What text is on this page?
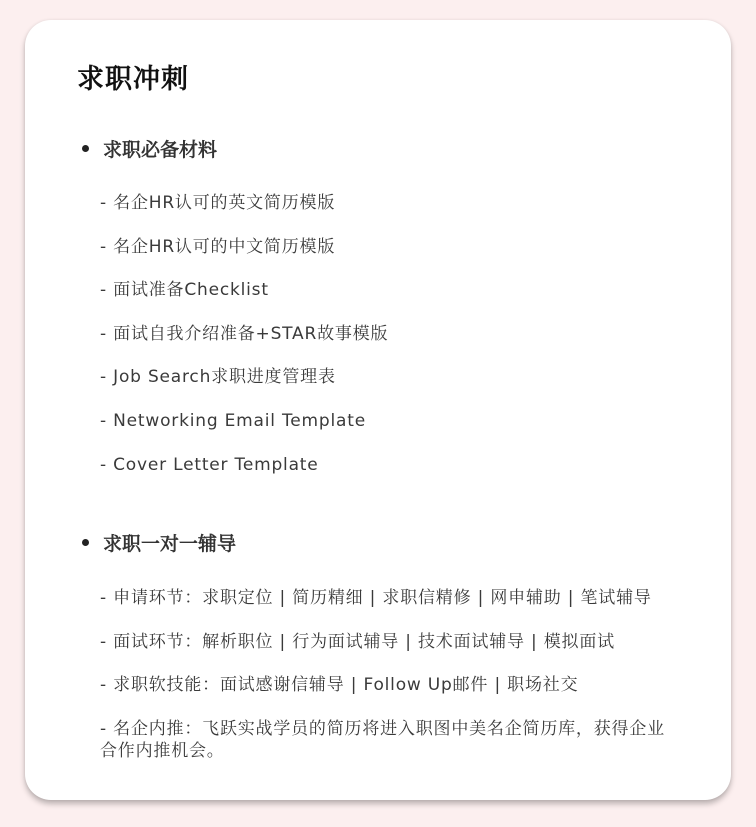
求职冲刺
求职必备材料
- 名企HR认可的英文简历模版
- 名企HR认可的中文简历模版
- 面试准备Checklist
- 面试自我介绍准备+STAR故事模版
- Job Search求职进度管理表
- Networking Email Template
- Cover Letter Template
求职一对一辅导
- 申请环节：求职定位 | 简历精细 | 求职信精修 | 网申辅助 | 笔试辅导
- 面试环节：解析职位 | 行为面试辅导 | 技术面试辅导 | 模拟面试
- 求职软技能：面试感谢信辅导 | Follow Up邮件 | 职场社交
- 名企内推：飞跃实战学员的简历将进入职图中美名企简历库，获得企业合作内推机会。
